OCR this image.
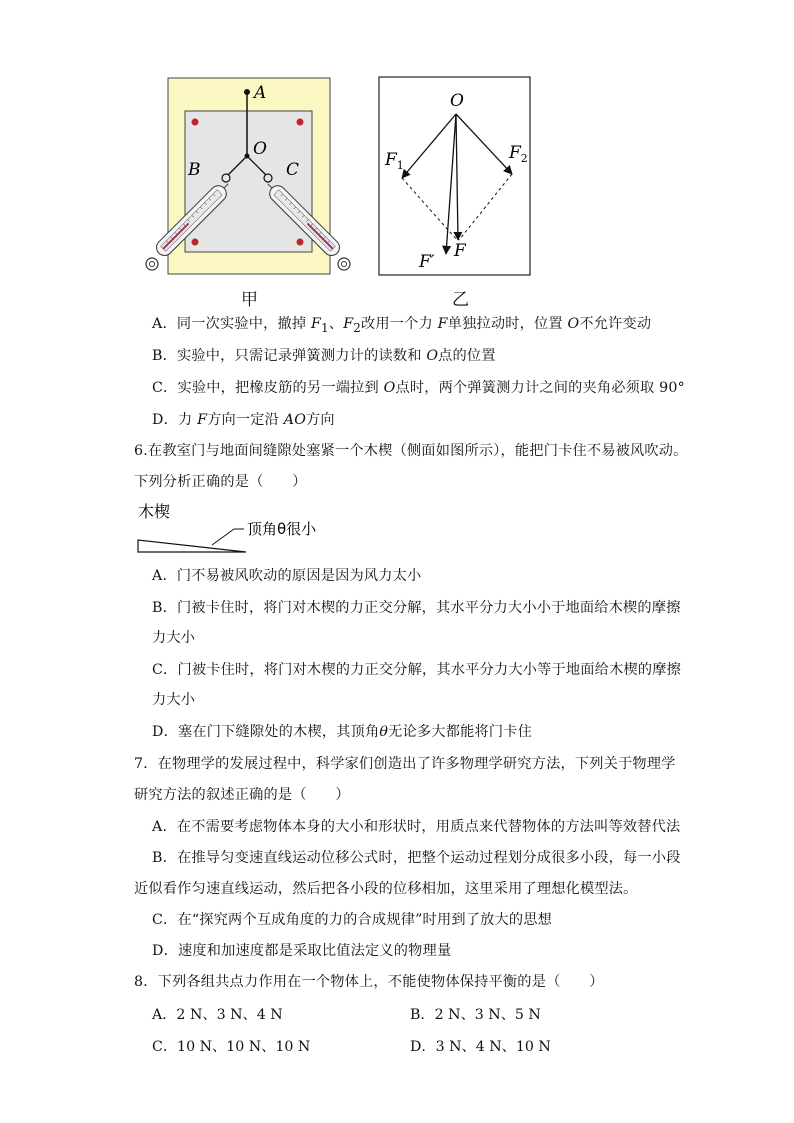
A
O
B	C
甲
O
$F_1$
$F_2$
F
F′
乙
A．同一次实验中，撤掉 $F_1$、$F_2$改用一个力 F单独拉动时，位置 O不允许变动
B．实验中，只需记录弹簧测力计的读数和 O点的位置
C．实验中，把橡皮筋的另一端拉到 O点时，两个弹簧测力计之间的夹角必须取 90°
D．力 F方向一定沿 AO方向
6.在教室门与地面间缝隙处塞紧一个木楔（侧面如图所示），能把门卡住不易被风吹动。
下列分析正确的是（　　）
木楔
顶角θ很小
A．门不易被风吹动的原因是因为风力太小
B．门被卡住时，将门对木楔的力正交分解，其水平分力大小小于地面给木楔的摩擦
力大小
C．门被卡住时，将门对木楔的力正交分解，其水平分力大小等于地面给木楔的摩擦
力大小
D．塞在门下缝隙处的木楔，其顶角θ无论多大都能将门卡住
7．在物理学的发展过程中，科学家们创造出了许多物理学研究方法，下列关于物理学
研究方法的叙述正确的是（　　）
A．在不需要考虑物体本身的大小和形状时，用质点来代替物体的方法叫等效替代法
B．在推导匀变速直线运动位移公式时，把整个运动过程划分成很多小段，每一小段
近似看作匀速直线运动，然后把各小段的位移相加，这里采用了理想化模型法。
C．在“探究两个互成角度的力的合成规律”时用到了放大的思想
D．速度和加速度都是采取比值法定义的物理量
8．下列各组共点力作用在一个物体上，不能使物体保持平衡的是（　　）
A．2 N、3 N、4 N	B．2 N、3 N、5 N
C．10 N、10 N、10 N	D．3 N、4 N、10 N
